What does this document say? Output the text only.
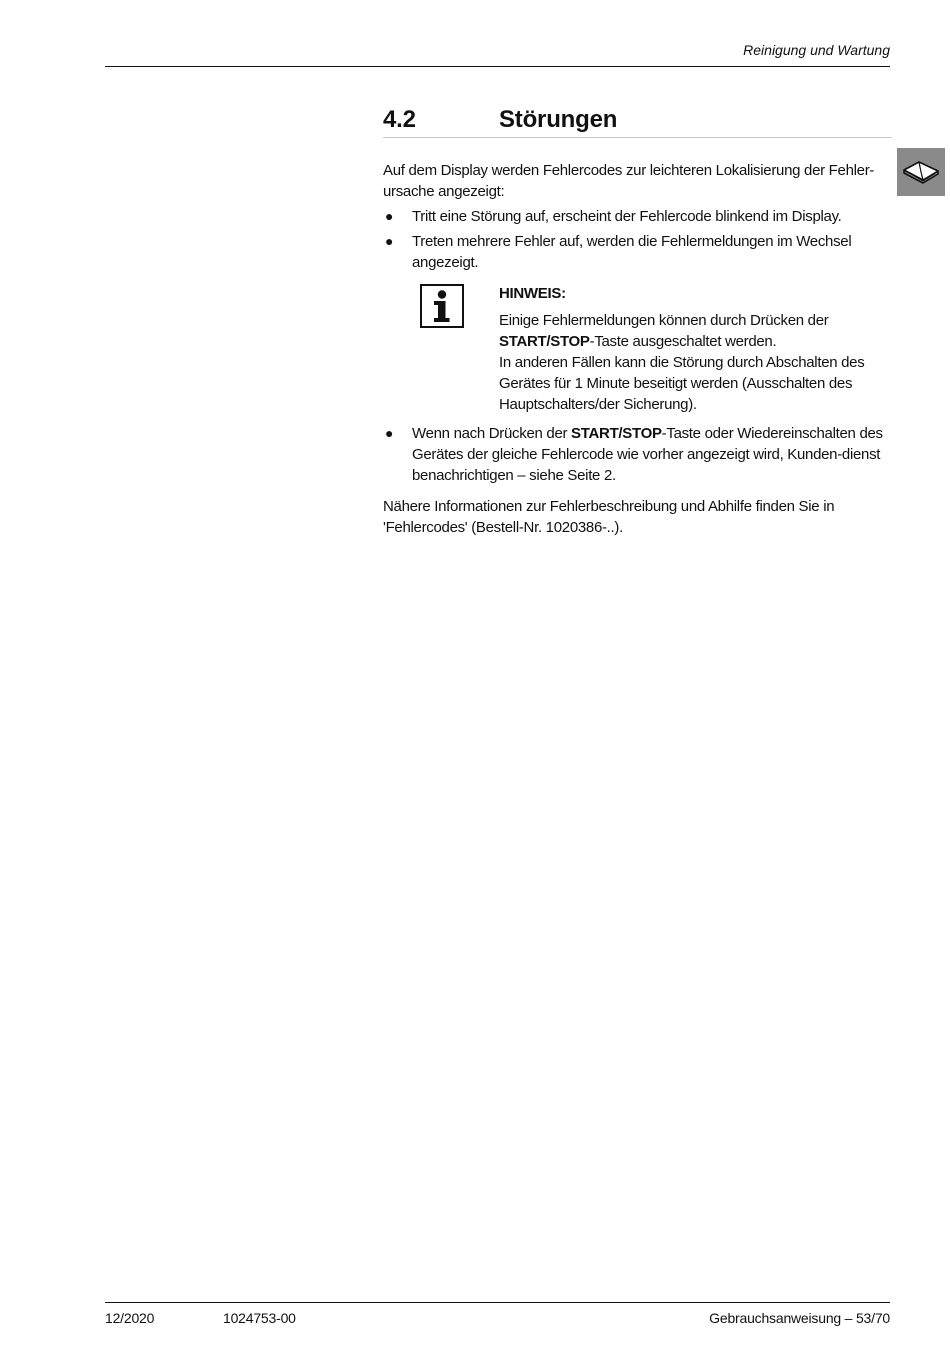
Reinigung und Wartung
4.2	Störungen

Auf dem Display werden Fehlercodes zur leichteren Lokalisierung der Fehler-ursache angezeigt:

● Tritt eine Störung auf, erscheint der Fehlercode blinkend im Display.
● Treten mehrere Fehler auf, werden die Fehlermeldungen im Wechsel angezeigt.
HINWEIS:
Einige Fehlermeldungen können durch Drücken der START/STOP-Taste ausgeschaltet werden.
In anderen Fällen kann die Störung durch Abschalten des Gerätes für 1 Minute beseitigt werden (Ausschalten des Hauptschalters/der Sicherung).
● Wenn nach Drücken der START/STOP-Taste oder Wiedereinschalten des Gerätes der gleiche Fehlercode wie vorher angezeigt wird, Kunden-dienst benachrichtigen – siehe Seite 2.

Nähere Informationen zur Fehlerbeschreibung und Abhilfe finden Sie in 'Fehlercodes' (Bestell-Nr. 1020386-..).

12/2020	1024753-00	Gebrauchsanweisung – 53/70
